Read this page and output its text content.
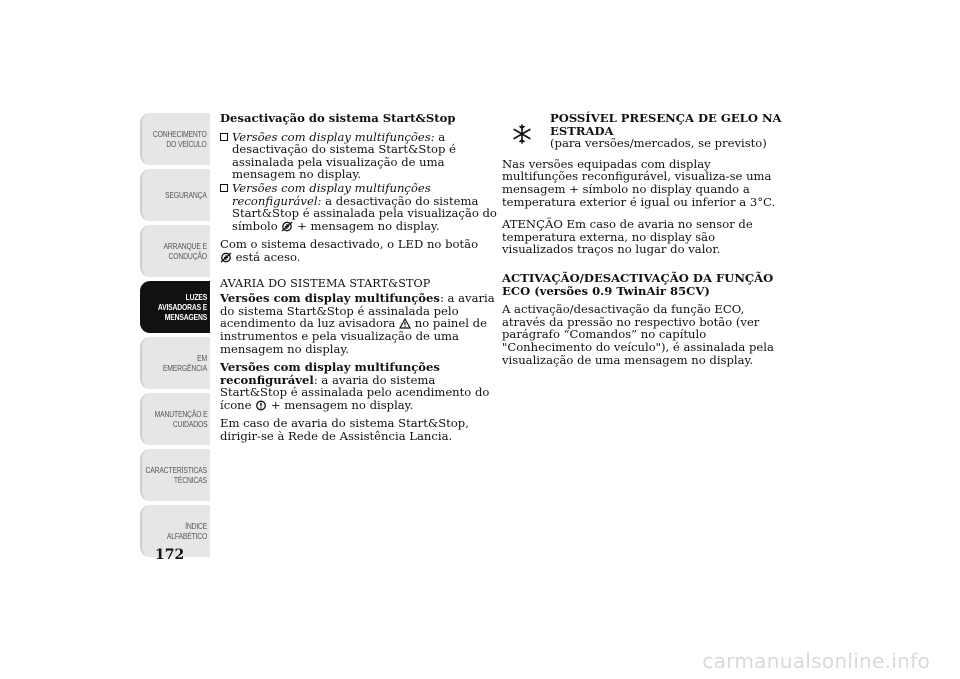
CONHECIMENTO
DO VEÍCULO
SEGURANÇA
ARRANQUE E
CONDUÇÃO
LUZES
AVISADORAS E
MENSAGENS
EM EMERGÊNCIA
MANUTENÇÃO E
CUIDADOS
CARACTERÍSTICAS
TÉCNICAS
ÍNDICE
ALFABÉTICO
172

Desactivação do sistema Start&Stop

Versões com display multifunções: a desactivação do sistema Start&Stop é assinalada pela visualização de uma mensagem no display.

Versões com display multifunções reconfigurável: a desactivação do sistema Start&Stop é assinalada pela visualização do símbolo  + mensagem no display.

Com o sistema desactivado, o LED no botão
está aceso.

AVARIA DO SISTEMA START&STOP

Versões com display multifunções: a avaria do sistema Start&Stop é assinalada pelo acendimento da luz avisadora  no painel de instrumentos e pela visualização de uma mensagem no display.

Versões com display multifunções reconfigurável: a avaria do sistema Start&Stop é assinalada pelo acendimento do ícone  + mensagem no display.

Em caso de avaria do sistema Start&Stop, dirigir-se à Rede de Assistência Lancia.

POSSÍVEL PRESENÇA DE GELO NA ESTRADA

(para versões/mercados, se previsto)

Nas versões equipadas com display multifunções reconfigurável, visualiza-se uma mensagem + símbolo no display quando a temperatura exterior é igual ou inferior a 3°C.

ATENÇÃO Em caso de avaria no sensor de temperatura externa, no display são visualizados traços no lugar do valor.

ACTIVAÇÃO/DESACTIVAÇÃO DA FUNÇÃO ECO (versões 0.9 TwinAir 85CV)

A activação/desactivação da função ECO, através da pressão no respectivo botão (ver parágrafo “Comandos” no capítulo "Conhecimento do veículo"), é assinalada pela visualização de uma mensagem no display.

carmanualsonline.info
